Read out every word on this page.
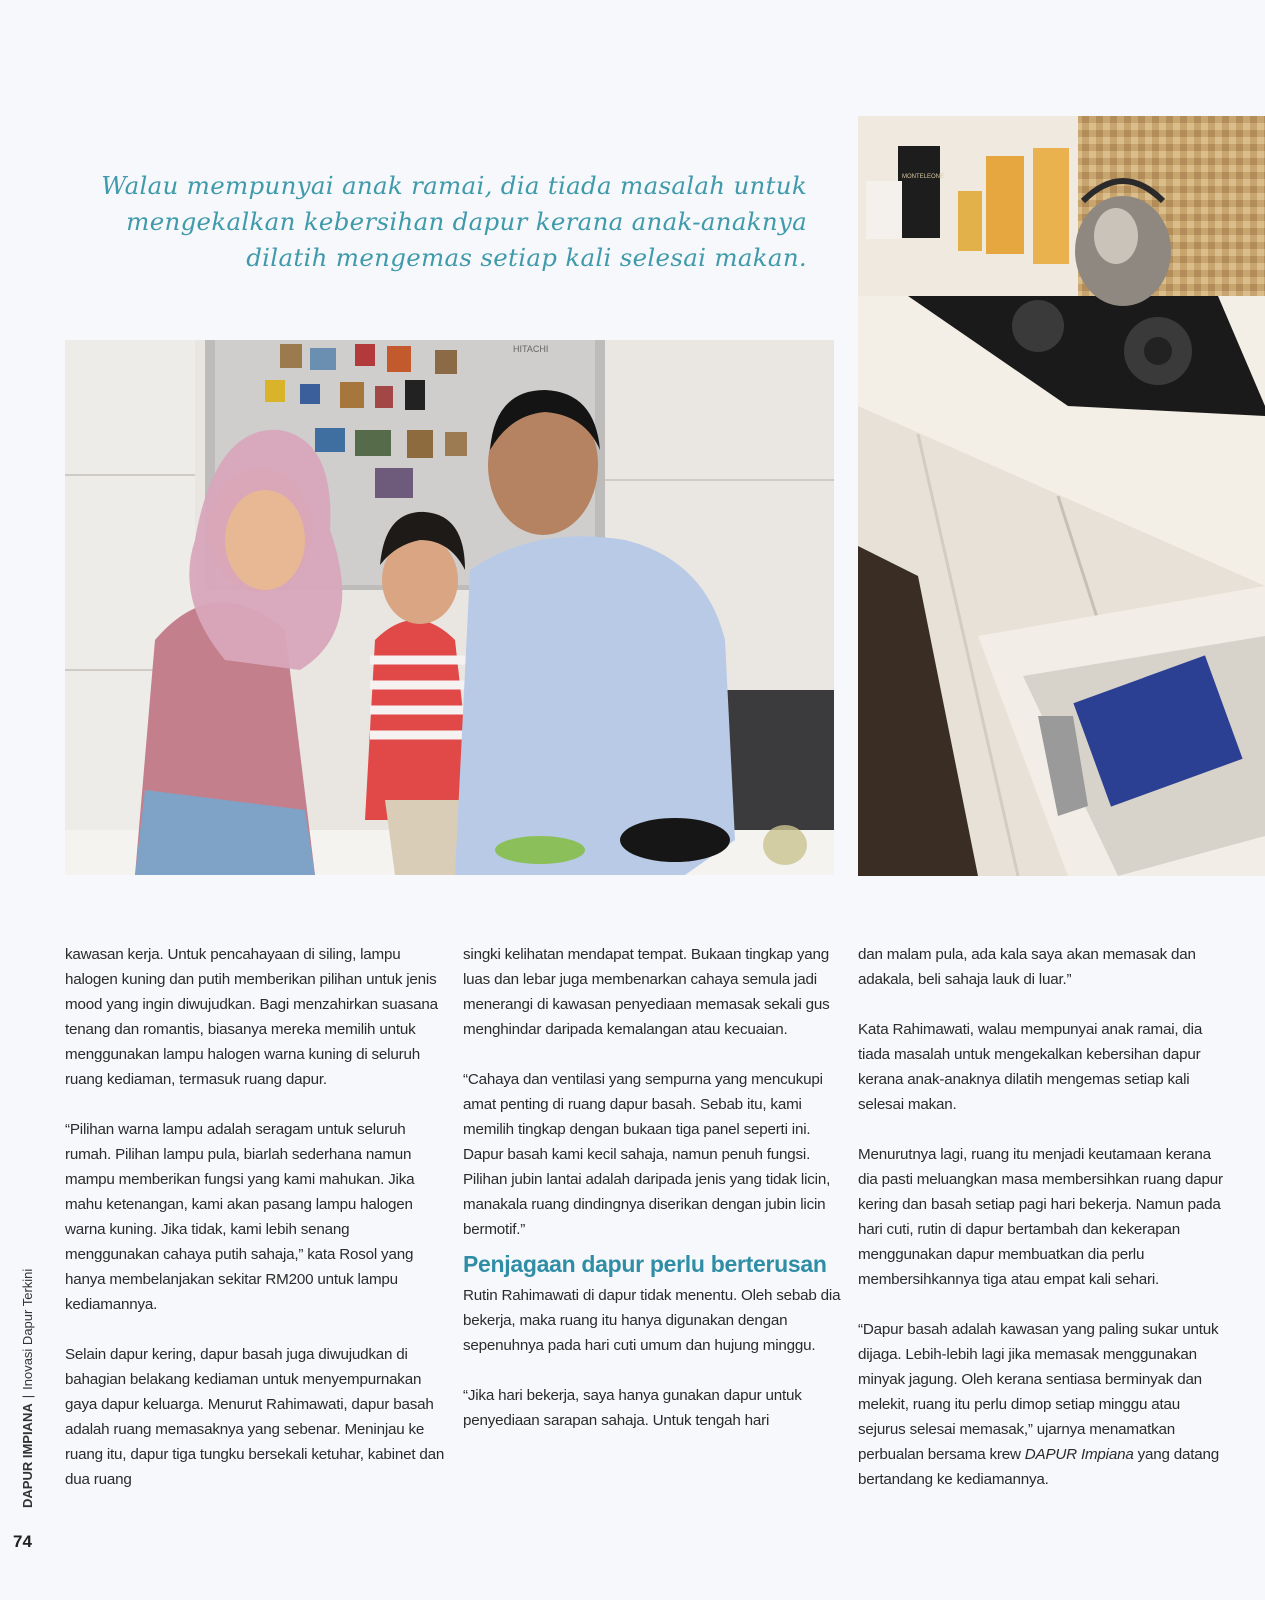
Walau mempunyai anak ramai, dia tiada masalah untuk mengekalkan kebersihan dapur kerana anak-anaknya dilatih mengemas setiap kali selesai makan.
HITACHI
MONTELEONE

kawasan kerja. Untuk pencahayaan di siling, lampu halogen kuning dan putih memberikan pilihan untuk jenis mood yang ingin diwujudkan. Bagi menzahirkan suasana tenang dan romantis, biasanya mereka memilih untuk menggunakan lampu halogen warna kuning di seluruh ruang kediaman, termasuk ruang dapur.

“Pilihan warna lampu adalah seragam untuk seluruh rumah. Pilihan lampu pula, biarlah sederhana namun mampu memberikan fungsi yang kami mahukan. Jika mahu ketenangan, kami akan pasang lampu halogen warna kuning. Jika tidak, kami lebih senang menggunakan cahaya putih sahaja,” kata Rosol yang hanya membelanjakan sekitar RM200 untuk lampu kediamannya.

Selain dapur kering, dapur basah juga diwujudkan di bahagian belakang kediaman untuk menyempurnakan gaya dapur keluarga. Menurut Rahimawati, dapur basah adalah ruang memasaknya yang sebenar. Meninjau ke ruang itu, dapur tiga tungku bersekali ketuhar, kabinet dan dua ruang

singki kelihatan mendapat tempat. Bukaan tingkap yang luas dan lebar juga membenarkan cahaya semula jadi menerangi di kawasan penyediaan memasak sekali gus menghindar daripada kemalangan atau kecuaian.

“Cahaya dan ventilasi yang sempurna yang mencukupi amat penting di ruang dapur basah. Sebab itu, kami memilih tingkap dengan bukaan tiga panel seperti ini. Dapur basah kami kecil sahaja, namun penuh fungsi. Pilihan jubin lantai adalah daripada jenis yang tidak licin, manakala ruang dindingnya diserikan dengan jubin licin bermotif.”

Penjagaan dapur perlu berterusan

Rutin Rahimawati di dapur tidak menentu. Oleh sebab dia bekerja, maka ruang itu hanya digunakan dengan sepenuhnya pada hari cuti umum dan hujung minggu.

“Jika hari bekerja, saya hanya gunakan dapur untuk penyediaan sarapan sahaja. Untuk tengah hari

dan malam pula, ada kala saya akan memasak dan adakala, beli sahaja lauk di luar.”

Kata Rahimawati, walau mempunyai anak ramai, dia tiada masalah untuk mengekalkan kebersihan dapur kerana anak-anaknya dilatih mengemas setiap kali selesai makan.

Menurutnya lagi, ruang itu menjadi keutamaan kerana dia pasti meluangkan masa membersihkan ruang dapur kering dan basah setiap pagi hari bekerja. Namun pada hari cuti, rutin di dapur bertambah dan kekerapan menggunakan dapur membuatkan dia perlu membersihkannya tiga atau empat kali sehari.

“Dapur basah adalah kawasan yang paling sukar untuk dijaga. Lebih-lebih lagi jika memasak menggunakan minyak jagung. Oleh kerana sentiasa berminyak dan melekit, ruang itu perlu dimop setiap minggu atau sejurus selesai memasak,” ujarnya menamatkan perbualan bersama krew DAPUR Impiana yang datang bertandang ke kediamannya.

DAPUR IMPIANA|Inovasi Dapur Terkini
74
